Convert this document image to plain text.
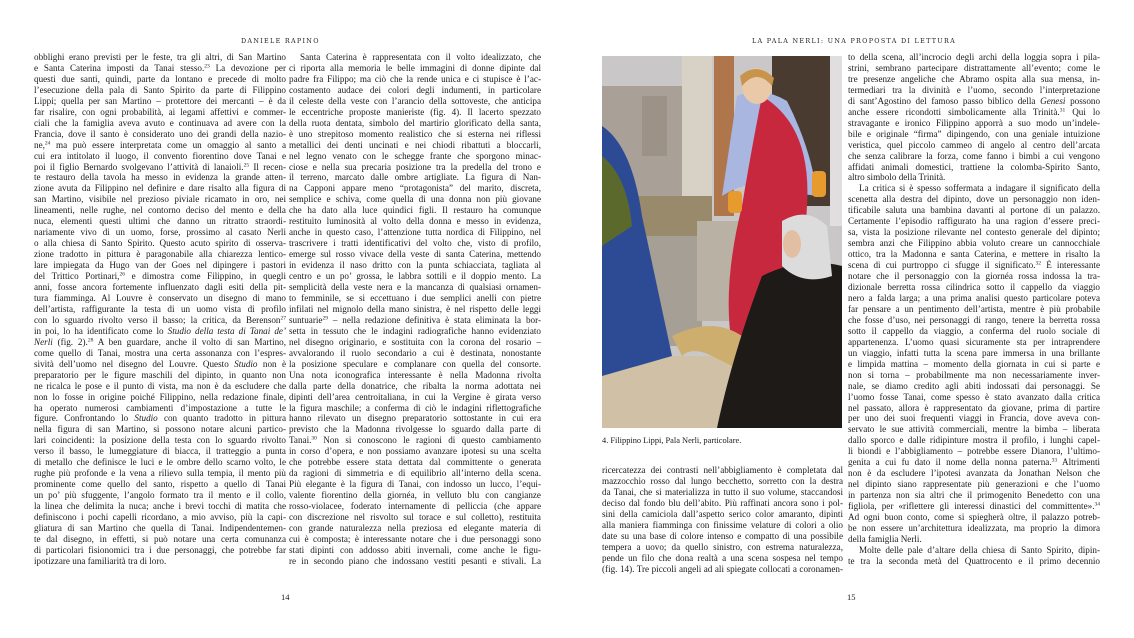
DANIELE RAPINO
obblighi erano previsti per le feste, tra gli altri, di San Martino
e Santa Caterina imposti da Tanai stesso.$^{23}$ La devozione per
questi due santi, quindi, parte da lontano e precede di molto
l’esecuzione della pala di Santo Spirito da parte di Filippino
Lippi; quella per san Martino – protettore dei mercanti – è da
far risalire, con ogni probabilità, ai legami affettivi e commer-
ciali che la famiglia aveva avuto e continuava ad avere con la
Francia, dove il santo è considerato uno dei grandi della nazio-
ne,$^{24}$ ma può essere interpretata come un omaggio al santo a
cui era intitolato il luogo, il convento fiorentino dove Tanai e
poi il figlio Bernardo svolgevano l’attività di lanaioli.$^{25}$ Il recen-
te restauro della tavola ha messo in evidenza la grande atten-
zione avuta da Filippino nel definire e dare risalto alla figura di
san Martino, visibile nel prezioso piviale ricamato in oro, nei
lineamenti, nelle rughe, nel contorno deciso del mento e della
nuca, elementi questi ultimi che danno un ritratto straordi-
nariamente vivo di un uomo, forse, prossimo al casato Nerli
o alla chiesa di Santo Spirito. Questo acuto spirito di osserva-
zione tradotto in pittura è paragonabile alla chiarezza lentico-
lare impiegata da Hugo van der Goes nel dipingere i pastori
del Trittico Portinari,$^{26}$ e dimostra come Filippino, in quegli
anni, fosse ancora fortemente influenzato dagli esiti della pit-
tura fiamminga. Al Louvre è conservato un disegno di mano
dell’artista, raffigurante la testa di un uomo vista di profilo
con lo sguardo rivolto verso il basso; la critica, da Berenson$^{27}$
in poi, lo ha identificato come lo Studio della testa di Tanai de’
Nerli (fig. 2).$^{28}$ A ben guardare, anche il volto di san Martino,
come quello di Tanai, mostra una certa assonanza con l’espres-
sività dell’uomo nel disegno del Louvre. Questo Studio non è
preparatorio per le figure maschili del dipinto, in quanto non
ne ricalca le pose e il punto di vista, ma non è da escludere che
non lo fosse in origine poiché Filippino, nella redazione finale,
ha operato numerosi cambiamenti d’impostazione a tutte le
figure. Confrontando lo Studio con quanto tradotto in pittura
nella figura di san Martino, si possono notare alcuni partico-
lari coincidenti: la posizione della testa con lo sguardo rivolto
verso il basso, le lumeggiature di biacca, il tratteggio a punta
di metallo che definisce le luci e le ombre dello scarno volto, le
rughe più profonde e la vena a rilievo sulla tempia, il mento più
prominente come quello del santo, rispetto a quello di Tanai
un po’ più sfuggente, l’angolo formato tra il mento e il collo,
la linea che delimita la nuca; anche i brevi tocchi di matita che
definiscono i pochi capelli ricordano, a mio avviso, più la capi-
gliatura di san Martino che quella di Tanai. Indipendentemen-
te dal disegno, in effetti, si può notare una certa comunanza
di particolari fisionomici tra i due personaggi, che potrebbe far
ipotizzare una familiarità tra di loro.
Santa Caterina è rappresentata con il volto idealizzato, che
ci riporta alla memoria le belle immagini di donne dipinte dal
padre fra Filippo; ma ciò che la rende unica e ci stupisce è l’ac-
costamento audace dei colori degli indumenti, in particolare
il celeste della veste con l’arancio della sottoveste, che anticipa
le eccentriche proposte manieriste (fig. 4). Il lacerto spezzato
della ruota dentata, simbolo del martirio glorificato della santa,
è uno strepitoso momento realistico che si esterna nei riflessi
metallici dei denti uncinati e nei chiodi ribattuti a bloccarli,
nel legno venato con le schegge frante che sporgono minac-
ciose e nella sua precaria posizione tra la predella del trono e
il terreno, marcato dalle ombre artigliate. La figura di Nan-
na Capponi appare meno “protagonista” del marito, discreta,
semplice e schiva, come quella di una donna non più giovane
che ha dato alla luce quindici figli. Il restauro ha comunque
restituito luminosità al volto della donna e messo in evidenza,
anche in questo caso, l’attenzione tutta nordica di Filippino, nel
trascrivere i tratti identificativi del volto che, visto di profilo,
emerge sul rosso vivace della veste di santa Caterina, mettendo
in evidenza il naso dritto con la punta schiacciata, tagliata al
centro e un po’ grossa, le labbra sottili e il doppio mento. La
semplicità della veste nera e la mancanza di qualsiasi ornamen-
to femminile, se si eccettuano i due semplici anelli con pietre
infilati nel mignolo della mano sinistra, è nel rispetto delle leggi
suntuarie$^{29}$ – nella redazione definitiva è stata eliminata la bor-
setta in tessuto che le indagini radiografiche hanno evidenziato
nel disegno originario, e sostituita con la corona del rosario –
avvalorando il ruolo secondario a cui è destinata, nonostante
la posizione speculare e complanare con quella del consorte.
Una nota iconografica interessante è nella Madonna rivolta
dalla parte della donatrice, che ribalta la norma adottata nei
dipinti dell’area centroitaliana, in cui la Vergine è girata verso
la figura maschile; a conferma di ciò le indagini riflettografiche
hanno rilevato un disegno preparatorio sottostante in cui era
previsto che la Madonna rivolgesse lo sguardo dalla parte di
Tanai.$^{30}$ Non si conoscono le ragioni di questo cambiamento
in corso d’opera, e non possiamo avanzare ipotesi su una scelta
che potrebbe essere stata dettata dal committente o generata
da ragioni di simmetria e di equilibrio all’interno della scena.
Più elegante è la figura di Tanai, con indosso un lucco, l’equi-
valente fiorentino della giornéa, in velluto blu con cangianze
rosso-violacee, foderato internamente di pelliccia (che appare
con discrezione nel risvolto sul torace e sul colletto), restituita
con grande naturalezza nella preziosa ed elegante materia di
cui è composta; è interessante notare che i due personaggi sono
stati dipinti con addosso abiti invernali, come anche le figu-
re in secondo piano che indossano vestiti pesanti e stivali. La
14
LA PALA NERLI: UNA PROPOSTA DI LETTURA
4. Filippino Lippi, Pala Nerli, particolare.
ricercatezza dei contrasti nell’abbigliamento è completata dal
mazzocchio rosso dal lungo becchetto, sorretto con la destra
da Tanai, che si materializza in tutto il suo volume, staccandosi
deciso dal fondo blu dell’abito. Più raffinati ancora sono i pol-
sini della camiciola dall’aspetto serico color amaranto, dipinti
alla maniera fiamminga con finissime velature di colori a olio
date su una base di colore intenso e compatto di una possibile
tempera a uovo; da quello sinistro, con estrema naturalezza,
pende un filo che dona realtà a una scena sospesa nel tempo
(fig. 14). Tre piccoli angeli ad ali spiegate collocati a coronamen-
to della scena, all’incrocio degli archi della loggia sopra i pila-
strini, sembrano partecipare distrattamente all’evento; come le
tre presenze angeliche che Abramo ospita alla sua mensa, in-
termediari tra la divinità e l’uomo, secondo l’interpretazione
di sant’Agostino del famoso passo biblico della Genesi possono
anche essere ricondotti simbolicamente alla Trinità.$^{31}$ Qui lo
stravagante e ironico Filippino apporrà a suo modo un’indele-
bile e originale “firma” dipingendo, con una geniale intuizione
veristica, quel piccolo cammeo di angelo al centro dell’arcata
che senza calibrare la forza, come fanno i bimbi a cui vengono
affidati animali domestici, trattiene la colomba-Spirito Santo,
altro simbolo della Trinità.
La critica si è spesso soffermata a indagare il significato della
scenetta alla destra del dipinto, dove un personaggio non iden-
tificabile saluta una bambina davanti al portone di un palazzo.
Certamente l’episodio raffigurato ha una ragion d’essere preci-
sa, vista la posizione rilevante nel contesto generale del dipinto;
sembra anzi che Filippino abbia voluto creare un cannocchiale
ottico, tra la Madonna e santa Caterina, e mettere in risalto la
scena di cui purtroppo ci sfugge il significato.$^{32}$ È interessante
notare che il personaggio con la giornéa rossa indossa la tra-
dizionale berretta rossa cilindrica sotto il cappello da viaggio
nero a falda larga; a una prima analisi questo particolare poteva
far pensare a un pentimento dell’artista, mentre è più probabile
che fosse d’uso, nei personaggi di rango, tenere la berretta rossa
sotto il cappello da viaggio, a conferma del ruolo sociale di
appartenenza. L’uomo quasi sicuramente sta per intraprendere
un viaggio, infatti tutta la scena pare immersa in una brillante
e limpida mattina – momento della giornata in cui si parte e
non si torna – probabilmente ma non necessariamente inver-
nale, se diamo credito agli abiti indossati dai personaggi. Se
l’uomo fosse Tanai, come spesso è stato avanzato dalla critica
nel passato, allora è rappresentato da giovane, prima di partire
per uno dei suoi frequenti viaggi in Francia, dove aveva con-
servato le sue attività commerciali, mentre la bimba – liberata
dallo sporco e dalle ridipinture mostra il profilo, i lunghi capel-
li biondi e l’abbigliamento – potrebbe essere Dianora, l’ultimo-
genita a cui fu dato il nome della nonna paterna.$^{33}$ Altrimenti
non è da escludere l’ipotesi avanzata da Jonathan Nelson che
nel dipinto siano rappresentate più generazioni e che l’uomo
in partenza non sia altri che il primogenito Benedetto con una
figliola, per «riflettere gli interessi dinastici del committente».$^{34}$
Ad ogni buon conto, come si spiegherà oltre, il palazzo potreb-
be non essere un’architettura idealizzata, ma proprio la dimora
della famiglia Nerli.
Molte delle pale d’altare della chiesa di Santo Spirito, dipin-
te tra la seconda metà del Quattrocento e il primo decennio
15
